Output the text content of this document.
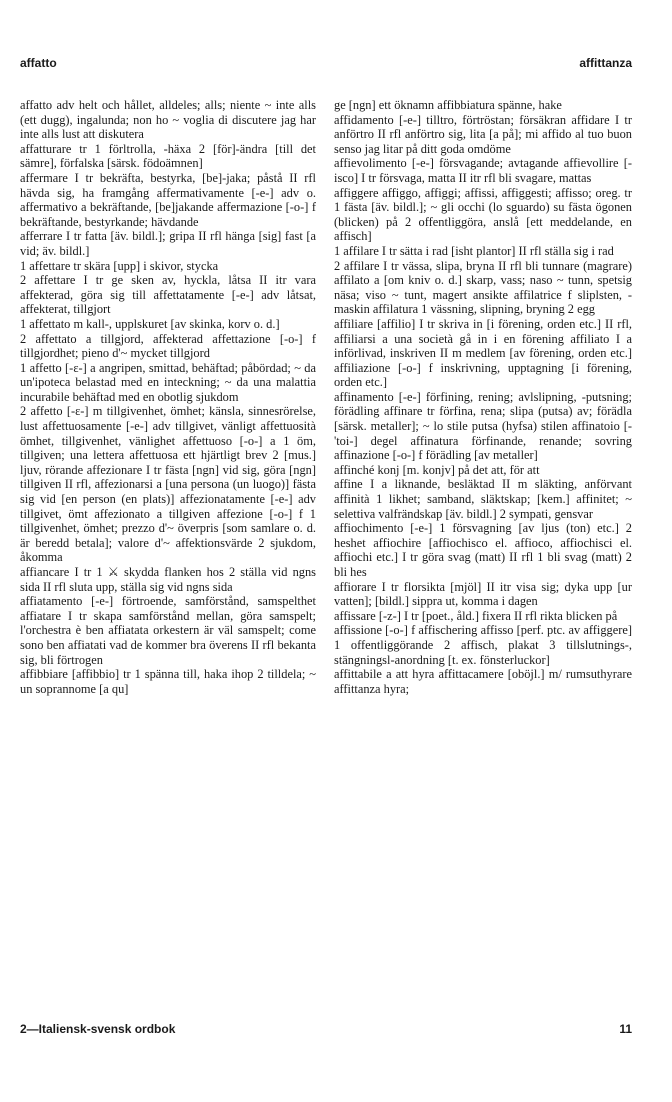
affatto	affittanza

affatto adv helt och hållet, alldeles; alls; niente ~ inte alls (ett dugg), ingalunda; non ho ~ voglia di discutere jag har inte alls lust att diskutera

affatturare tr 1 förltrolla, -häxa 2 [för]-ändra [till det sämre], förfalska [särsk. födoämnen]

affermare I tr bekräfta, bestyrka, [be]-jaka; påstå II rfl hävda sig, ha framgång affermativamente [-e-] adv o. affermativo a bekräftande, [be]jakande affermazione [-o-] f bekräftande, bestyrkande; hävdande

afferrare I tr fatta [äv. bildl.]; gripa II rfl hänga [sig] fast [a vid; äv. bildl.]

1 affettare tr skära [upp] i skivor, stycka

2 affettare I tr ge sken av, hyckla, låtsa II itr vara affekterad, göra sig till affettatamente [-e-] adv låtsat, affekterat, tillgjort

1 affettato m kall-, upplskuret [av skinka, korv o. d.]

2 affettato a tillgjord, affekterad affettazione [-o-] f tillgjordhet; pieno d'~ mycket tillgjord

1 affetto [-ε-] a angripen, smittad, behäftad; påbördad; ~ da un'ipoteca belastad med en inteckning; ~ da una malattia incurabile behäftad med en obotlig sjukdom

2 affetto [-ε-] m tillgivenhet, ömhet; känsla, sinnesrörelse, lust affettuosamente [-e-] adv tillgivet, vänligt affettuosità ömhet, tillgivenhet, vänlighet affettuoso [-o-] a 1 öm, tillgiven; una lettera affettuosa ett hjärtligt brev 2 [mus.] ljuv, rörande affezionare I tr fästa [ngn] vid sig, göra [ngn] tillgiven II rfl, affezionarsi a [una persona (un luogo)] fästa sig vid [en person (en plats)] affezionatamente [-e-] adv tillgivet, ömt affezionato a tillgiven affezione [-o-] f 1 tillgivenhet, ömhet; prezzo d'~ överpris [som samlare o. d. är beredd betala]; valore d'~ affektionsvärde 2 sjukdom, åkomma

affiancare I tr 1 ⚔ skydda flanken hos 2 ställa vid ngns sida II rfl sluta upp, ställa sig vid ngns sida

affiatamento [-e-] förtroende, samförstånd, samspelthet affiatare I tr skapa samförstånd mellan, göra samspelt; l'orchestra è ben affiatata orkestern är väl samspelt; come sono ben affiatati vad de kommer bra överens II rfl bekanta sig, bli förtrogen

affibbiare [affibbio] tr 1 spänna till, haka ihop 2 tilldela; ~ un soprannome [a qu]

ge [ngn] ett öknamn affibbiatura spänne, hake

affidamento [-e-] tilltro, förtröstan; försäkran affidare I tr anförtro II rfl anförtro sig, lita [a på]; mi affido al tuo buon senso jag litar på ditt goda omdöme

affievolimento [-e-] försvagande; avtagande affievollire [-isco] I tr försvaga, matta II itr rfl bli svagare, mattas

affiggere affiggo, affiggi; affissi, affiggesti; affisso; oreg. tr 1 fästa [äv. bildl.]; ~ gli occhi (lo sguardo) su fästa ögonen (blicken) på 2 offentliggöra, anslå [ett meddelande, en affisch]

1 affilare I tr sätta i rad [isht plantor] II rfl ställa sig i rad

2 affilare I tr vässa, slipa, bryna II rfl bli tunnare (magrare) affilato a [om kniv o. d.] skarp, vass; naso ~ tunn, spetsig näsa; viso ~ tunt, magert ansikte affilatrice f sliplsten, -maskin affilatura 1 vässning, slipning, bryning 2 egg

affiliare [affilio] I tr skriva in [i förening, orden etc.] II rfl, affiliarsi a una società gå in i en förening affiliato I a införlivad, inskriven II m medlem [av förening, orden etc.] affiliazione [-o-] f inskrivning, upptagning [i förening, orden etc.]

affinamento [-e-] förfining, rening; avlslipning, -putsning; förädling affinare tr förfina, rena; slipa (putsa) av; förädla [särsk. metaller]; ~ lo stile putsa (hyfsa) stilen affinatoio [-'toi-] degel affinatura förfinande, renande; sovring affinazione [-o-] f förädling [av metaller]

affinché konj [m. konjv] på det att, för att

affine I a liknande, besläktad II m släkting, anförvant affinità 1 likhet; samband, släktskap; [kem.] affinitet; ~ selettiva valfrändskap [äv. bildl.] 2 sympati, gensvar

affiochimento [-e-] 1 försvagning [av ljus (ton) etc.] 2 heshet affiochire [affiochisco el. affioco, affiochisci el. affiochi etc.] I tr göra svag (matt) II rfl 1 bli svag (matt) 2 bli hes

affiorare I tr florsikta [mjöl] II itr visa sig; dyka upp [ur vatten]; [bildl.] sippra ut, komma i dagen

affissare [-z-] I tr [poet., åld.] fixera II rfl rikta blicken på

affissione [-o-] f affischering affisso [perf. ptc. av affiggere] 1 offentliggörande 2 affisch, plakat 3 tillslutnings-, stängningsl-anordning [t. ex. fönsterluckor]

affittabile a att hyra affittacamere [oböjl.] m/ rumsuthyrare affittanza hyra;

2—Italiensk-svensk ordbok	11
